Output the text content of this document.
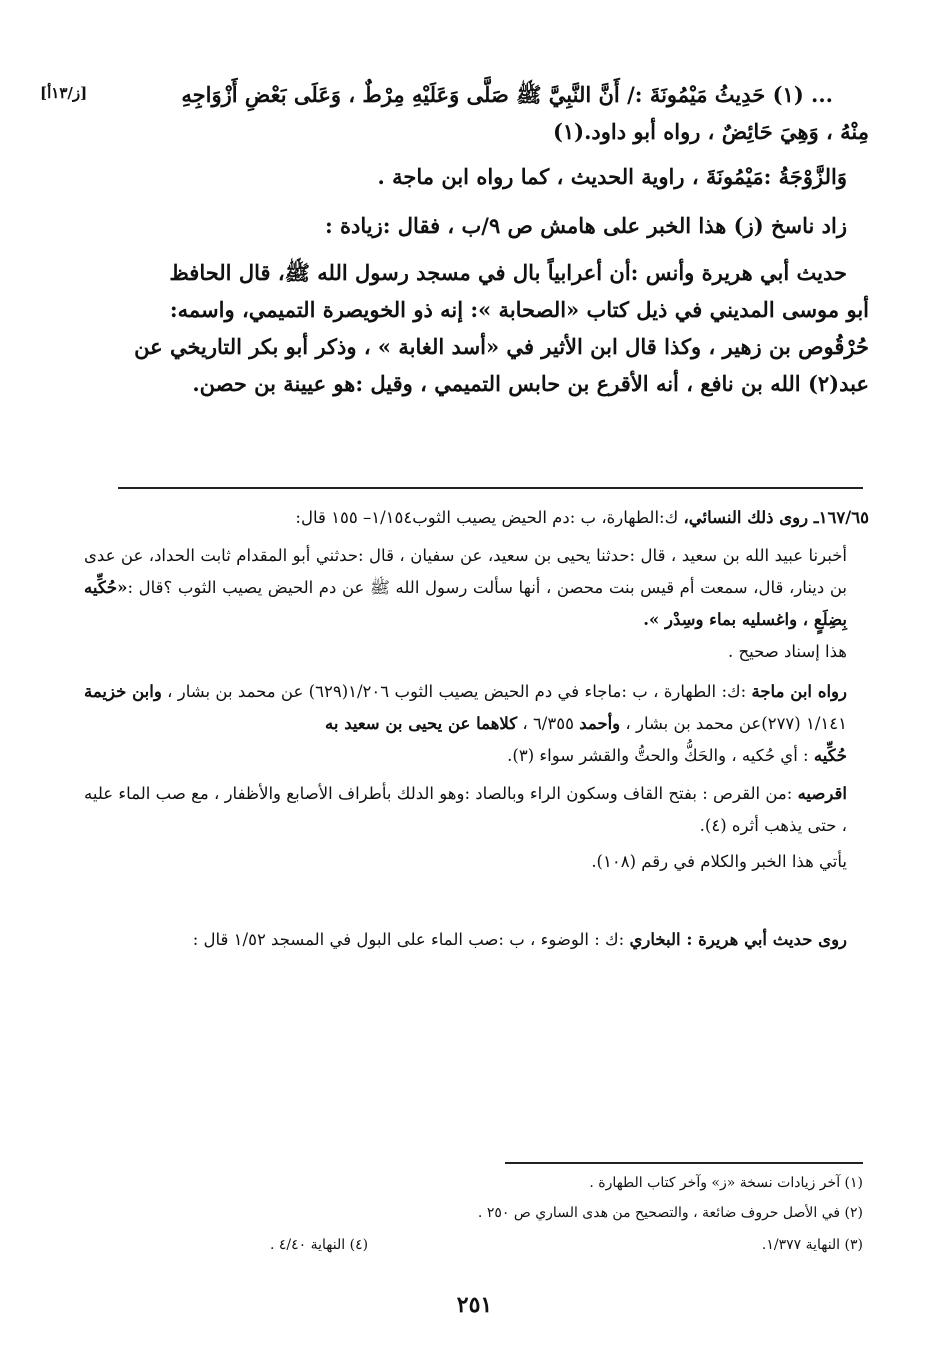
[ز/١٣أ]	... (١) حَدِيثُ مَيْمُونَةَ :/ أَنَّ النَّبِيَّ ﷺ صَلَّى وَعَلَيْهِ مِرْطٌ ، وَعَلَى بَعْضِ أَزْوَاجِهِ
مِنْهُ ، وَهِيَ حَائِضٌ ، رواه أبو داود.(١)
وَالزَّوْجَةُ :مَيْمُونَةَ ، راوية الحديث ، كما رواه ابن ماجة .
زاد ناسخ (ز) هذا الخبر على هامش ص ٩/ب ، فقال :زيادة :
حديث أبي هريرة وأنس :أن أعرابياً بال في مسجد رسول الله ﷺ، قال الحافظ
أبو موسى المديني في ذيل كتاب «الصحابة »: إنه ذو الخويصرة التميمي، واسمه:
حُرْقُوص بن زهير ، وكذا قال ابن الأثير في «أسد الغابة » ، وذكر أبو بكر التاريخي عن
عبد(٢) الله بن نافع ، أنه الأقرع بن حابس التميمي ، وقيل :هو عيينة بن حصن.
١٦٧/٦٥ـ روى ذلك النسائي، ك:الطهارة، ب :دم الحيض يصيب الثوب١/١٥٤– ١٥٥ قال:
أخبرنا عبيد الله بن سعيد ، قال :حدثنا يحيى بن سعيد، عن سفيان ، قال :حدثني أبو المقدام ثابت الحداد، عن عدى بن دينار، قال، سمعت أم قيس بنت محصن ، أنها سألت رسول الله ﷺ عن دم الحيض يصيب الثوب ؟قال :«حُكِّيه بِضِلَعٍ ، واغسليه بماء وسِدْر ».
هذا إسناد صحيح .
رواه ابن ماجة :ك: الطهارة ، ب :ماجاء في دم الحيض يصيب الثوب ١/٢٠٦(٦٢٩) عن محمد بن بشار ، وابن خزيمة ١/١٤١ (٢٧٧)عن محمد بن بشار ، وأحمد ٦/٣٥٥ ، كلاهما عن يحيى بن سعيد به
حُكِّيه : أي حُكيه ، والحَكُّ والحتُّ والقشر سواء (٣).
اقرصيه :من القرص : بفتح القاف وسكون الراء وبالصاد :وهو الدلك بأطراف الأصابع والأظفار ، مع صب الماء عليه ، حتى يذهب أثره (٤).
يأتي هذا الخبر والكلام في رقم (١٠٨).
روى حديث أبي هريرة : البخاري :ك : الوضوء ، ب :صب الماء على البول في المسجد ١/٥٢ قال :
(١) آخر زيادات نسخة «ز» وآخر كتاب الطهارة .
(٢) في الأصل حروف ضائعة ، والتصحيح من هدى الساري ص ٢٥٠ .
(٣) النهاية ١/٣٧٧.
(٤) النهاية ٤/٤٠ .
٢٥١
